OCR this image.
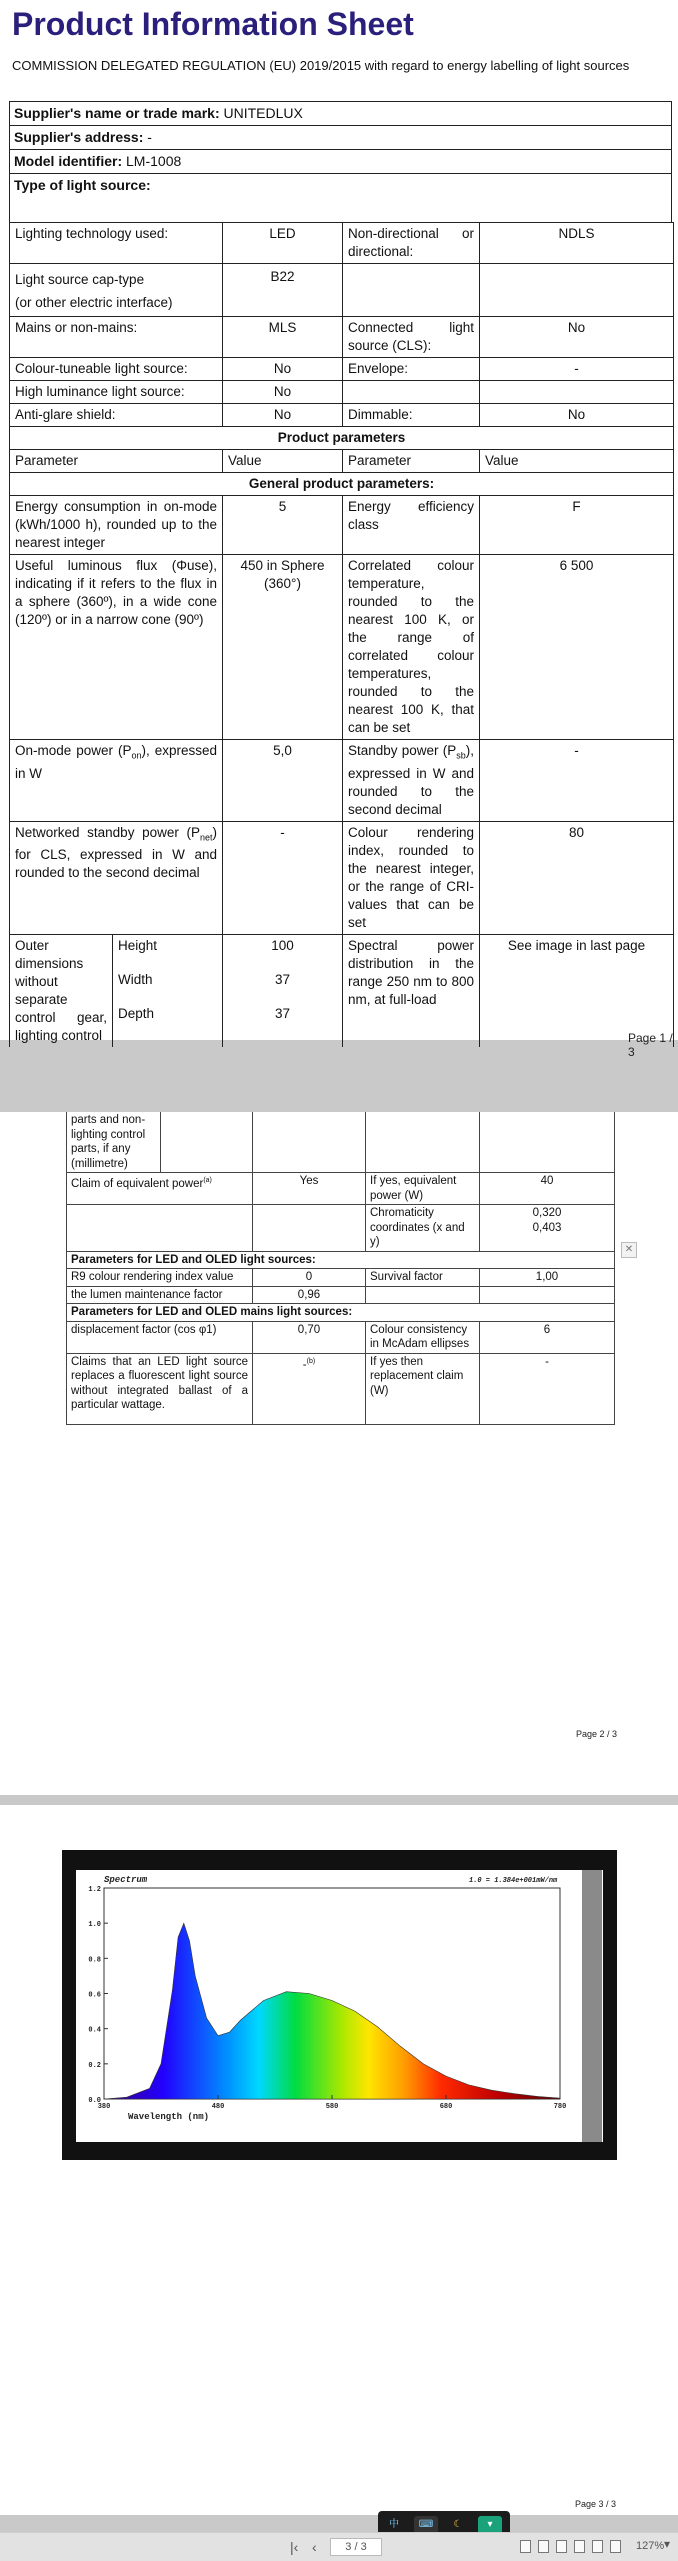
Product Information Sheet
COMMISSION DELEGATED REGULATION (EU) 2019/2015 with regard to energy labelling of light sources
Supplier's name or trade mark: UNITEDLUX
Supplier's address: -
Model identifier: LM-1008
Type of light source:
Lighting technology used:		LED	Non-directional or directional:	NDLS
Light source cap-type
(or other electric interface)		B22		
Mains or non-mains:		MLS	Connected light source (CLS):	No
Colour-tuneable light source:		No	Envelope:	-
High luminance light source:		No		
Anti-glare shield:		No	Dimmable:	No
Product parameters				
Parameter		Value	Parameter	Value
General product parameters:				
Energy consumption in on-mode (kWh/1000 h), rounded up to the nearest integer		5	Energy efficiency class	F
Useful luminous flux (Φuse), indicating if it refers to the flux in a sphere (360º), in a wide cone (120º) or in a narrow cone (90º)		450 in Sphere (360°)	Correlated colour temperature, rounded to the nearest 100 K, or the range of correlated colour temperatures, rounded to the nearest 100 K, that can be set	6 500
On-mode power $(P_{on})$, expressed in W		5,0	Standby power $(P_{sb})$, expressed in W and rounded to the second decimal	-
Networked standby power $(P_{net})$ for CLS, expressed in W and rounded to the second decimal		-	Colour rendering index, rounded to the nearest integer, or the range of CRI-values that can be set	80
Outer dimensions without separate control gear, lighting control	Height	100	Spectral power distribution in the range 250 nm to 800 nm, at full-load	See image in last page
	Width	37		
	Depth	37		
Page 1 / 3
parts and non-lighting control parts, if any (millimetre)				
Claim of equivalent power$^{(a)}$		Yes	If yes, equivalent power (W)	40
			Chromaticity coordinates (x and y)	0,320
0,403
Parameters for LED and OLED light sources:				
R9 colour rendering index value		0	Survival factor	1,00
the lumen maintenance factor		0,96		
Parameters for LED and OLED mains light sources:				
displacement factor (cos φ1)		0,70	Colour consistency in McAdam ellipses	6
Claims that an LED light source replaces a fluorescent light source without integrated ballast of a particular wattage.		-$^{(b)}$	If yes then replacement claim (W)	-
✕
Page 2 / 3
Wavelength (nm)
Spectrum	1.0 = 1.384e+001mW/nm
0.0
0.2
0.4
0.6
0.8
1.0
1.2
380	480	580	680	780
Page 3 / 3
中	⌨	☾	▾
|‹ ‹	3 / 3	127% ▾
